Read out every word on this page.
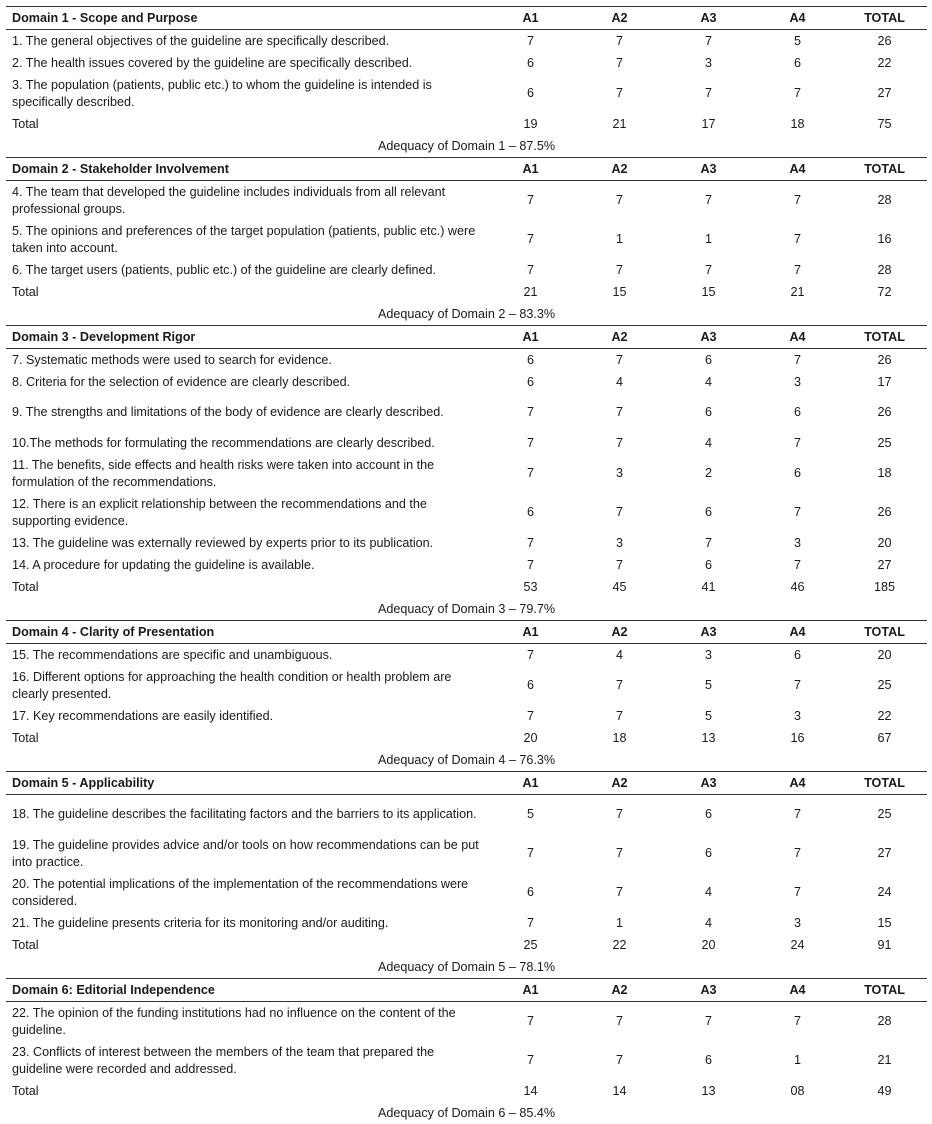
Domain 1 - Scope and Purpose	A1	A2	A3	A4	TOTAL
1. The general objectives of the guideline are specifically described.	7	7	7	5	26
2. The health issues covered by the guideline are specifically described.	6	7	3	6	22
3. The population (patients, public etc.) to whom the guideline is intended is specifically described.	6	7	7	7	27
Total	19	21	17	18	75
Adequacy of Domain 1 – 87.5%					
Domain 2 - Stakeholder Involvement	A1	A2	A3	A4	TOTAL
4. The team that developed the guideline includes individuals from all relevant professional groups.	7	7	7	7	28
5. The opinions and preferences of the target population (patients, public etc.) were taken into account.	7	1	1	7	16
6. The target users (patients, public etc.) of the guideline are clearly defined.	7	7	7	7	28
Total	21	15	15	21	72
Adequacy of Domain 2 – 83.3%					
Domain 3 - Development Rigor	A1	A2	A3	A4	TOTAL
7. Systematic methods were used to search for evidence.	6	7	6	7	26
8. Criteria for the selection of evidence are clearly described.	6	4	4	3	17
9. The strengths and limitations of the body of evidence are clearly described.	7	7	6	6	26
10.The methods for formulating the recommendations are clearly described.	7	7	4	7	25
11. The benefits, side effects and health risks were taken into account in the formulation of the recommendations.	7	3	2	6	18
12. There is an explicit relationship between the recommendations and the supporting evidence.	6	7	6	7	26
13. The guideline was externally reviewed by experts prior to its publication.	7	3	7	3	20
14. A procedure for updating the guideline is available.	7	7	6	7	27
Total	53	45	41	46	185
Adequacy of Domain 3 – 79.7%					
Domain 4 - Clarity of Presentation	A1	A2	A3	A4	TOTAL
15. The recommendations are specific and unambiguous.	7	4	3	6	20
16. Different options for approaching the health condition or health problem are clearly presented.	6	7	5	7	25
17. Key recommendations are easily identified.	7	7	5	3	22
Total	20	18	13	16	67
Adequacy of Domain 4 – 76.3%					
Domain 5 - Applicability	A1	A2	A3	A4	TOTAL
18. The guideline describes the facilitating factors and the barriers to its application.	5	7	6	7	25
19. The guideline provides advice and/or tools on how recommendations can be put into practice.	7	7	6	7	27
20. The potential implications of the implementation of the recommendations were considered.	6	7	4	7	24
21. The guideline presents criteria for its monitoring and/or auditing.	7	1	4	3	15
Total	25	22	20	24	91
Adequacy of Domain 5 – 78.1%					
Domain 6: Editorial Independence	A1	A2	A3	A4	TOTAL
22. The opinion of the funding institutions had no influence on the content of the guideline.	7	7	7	7	28
23. Conflicts of interest between the members of the team that prepared the guideline were recorded and addressed.	7	7	6	1	21
Total	14	14	13	08	49
Adequacy of Domain 6 – 85.4%					
